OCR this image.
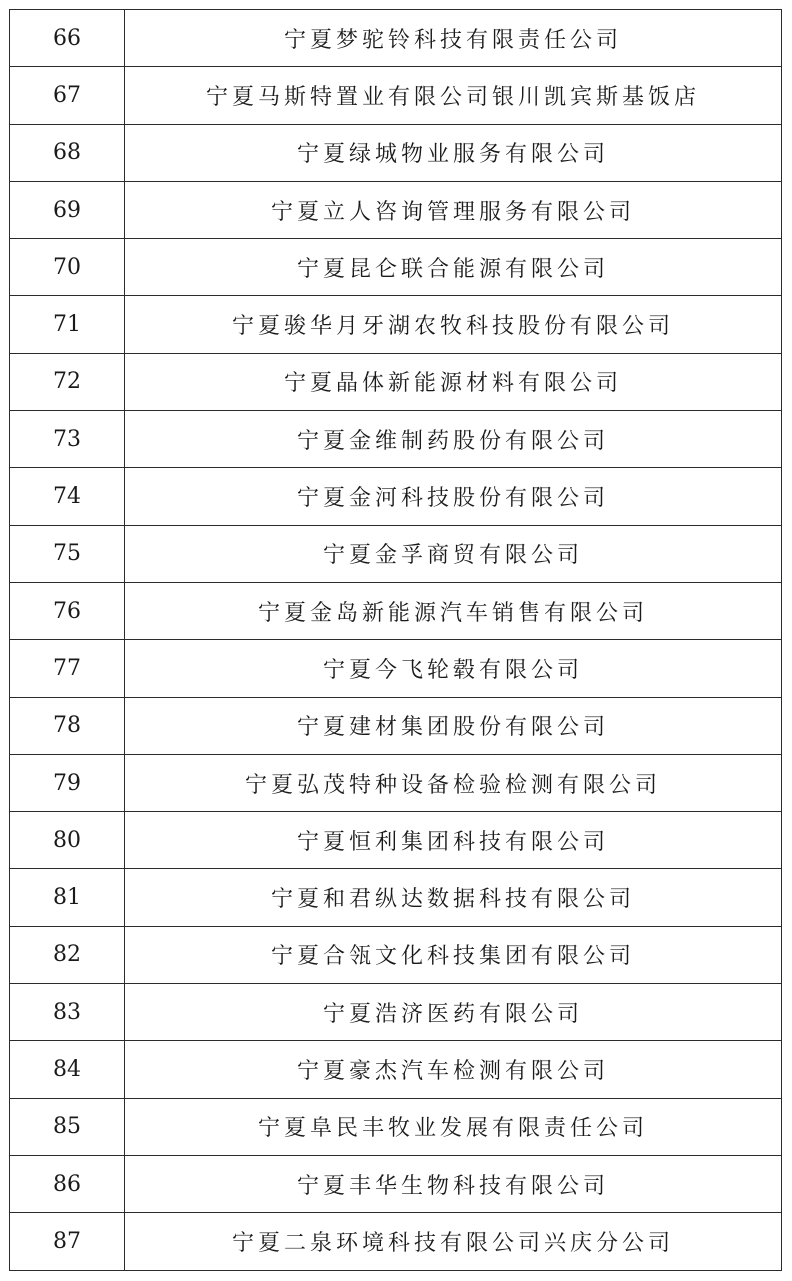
66	宁夏梦驼铃科技有限责任公司
67	宁夏马斯特置业有限公司银川凯宾斯基饭店
68	宁夏绿城物业服务有限公司
69	宁夏立人咨询管理服务有限公司
70	宁夏昆仑联合能源有限公司
71	宁夏骏华月牙湖农牧科技股份有限公司
72	宁夏晶体新能源材料有限公司
73	宁夏金维制药股份有限公司
74	宁夏金河科技股份有限公司
75	宁夏金孚商贸有限公司
76	宁夏金岛新能源汽车销售有限公司
77	宁夏今飞轮毂有限公司
78	宁夏建材集团股份有限公司
79	宁夏弘茂特种设备检验检测有限公司
80	宁夏恒利集团科技有限公司
81	宁夏和君纵达数据科技有限公司
82	宁夏合瓴文化科技集团有限公司
83	宁夏浩济医药有限公司
84	宁夏豪杰汽车检测有限公司
85	宁夏阜民丰牧业发展有限责任公司
86	宁夏丰华生物科技有限公司
87	宁夏二泉环境科技有限公司兴庆分公司
